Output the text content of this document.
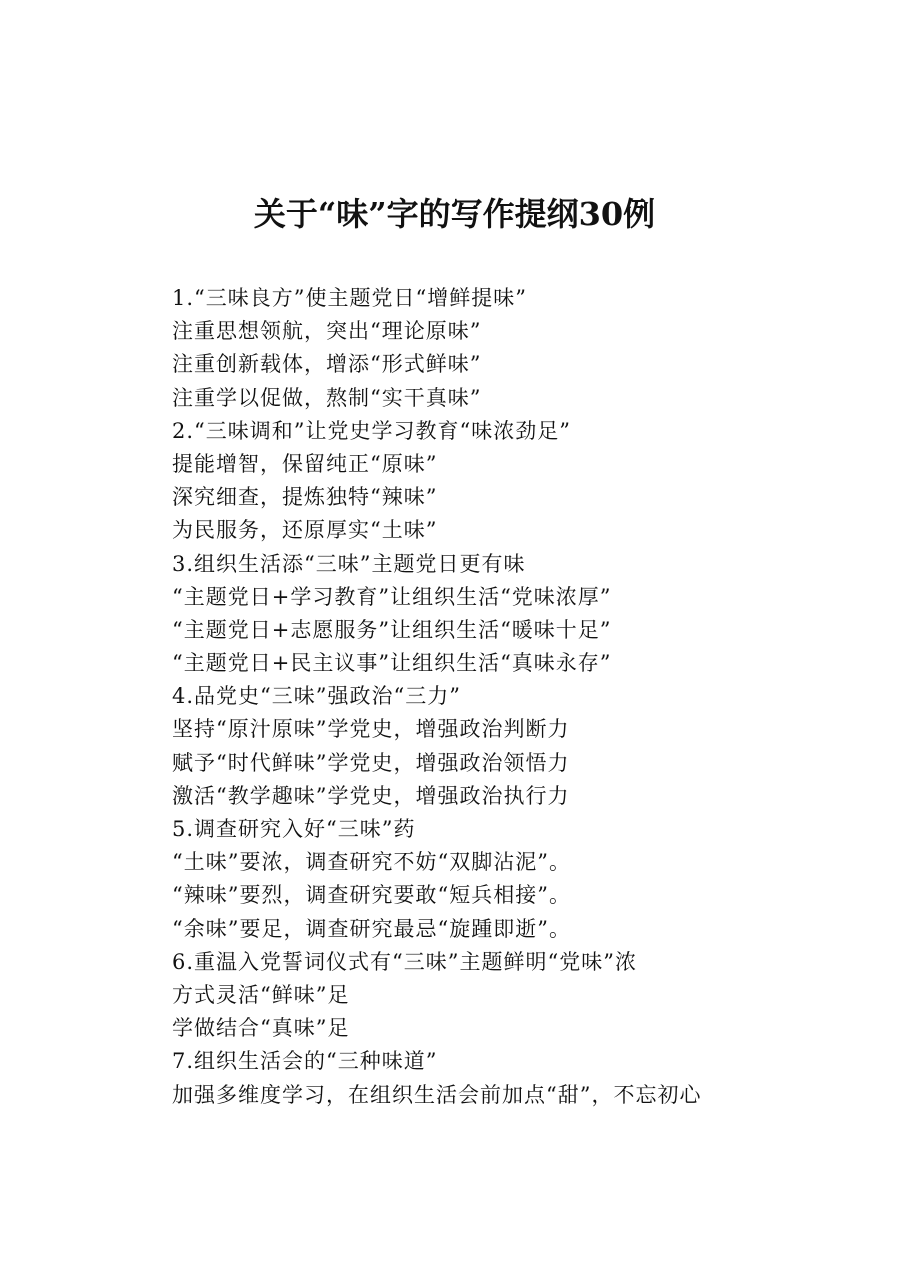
关于“味”字的写作提纲30例
1.“三味良方”使主题党日“增鲜提味”
注重思想领航，突出“理论原味”
注重创新载体，增添“形式鲜味”
注重学以促做，熬制“实干真味”
2.“三味调和”让党史学习教育“味浓劲足”
提能增智，保留纯正“原味”
深究细查，提炼独特“辣味”
为民服务，还原厚实“土味”
3.组织生活添“三味”主题党日更有味
“主题党日+学习教育”让组织生活“党味浓厚”
“主题党日+志愿服务”让组织生活“暖味十足”
“主题党日+民主议事”让组织生活“真味永存”
4.品党史“三味”强政治“三力”
坚持“原汁原味”学党史，增强政治判断力
赋予“时代鲜味”学党史，增强政治领悟力
激活“教学趣味”学党史，增强政治执行力
5.调查研究入好“三味”药
“土味”要浓，调查研究不妨“双脚沾泥”。
“辣味”要烈，调查研究要敢“短兵相接”。
“余味”要足，调查研究最忌“旋踵即逝”。
6.重温入党誓词仪式有“三味”主题鲜明“党味”浓
方式灵活“鲜味”足
学做结合“真味”足
7.组织生活会的“三种味道”
加强多维度学习，在组织生活会前加点“甜”，不忘初心
